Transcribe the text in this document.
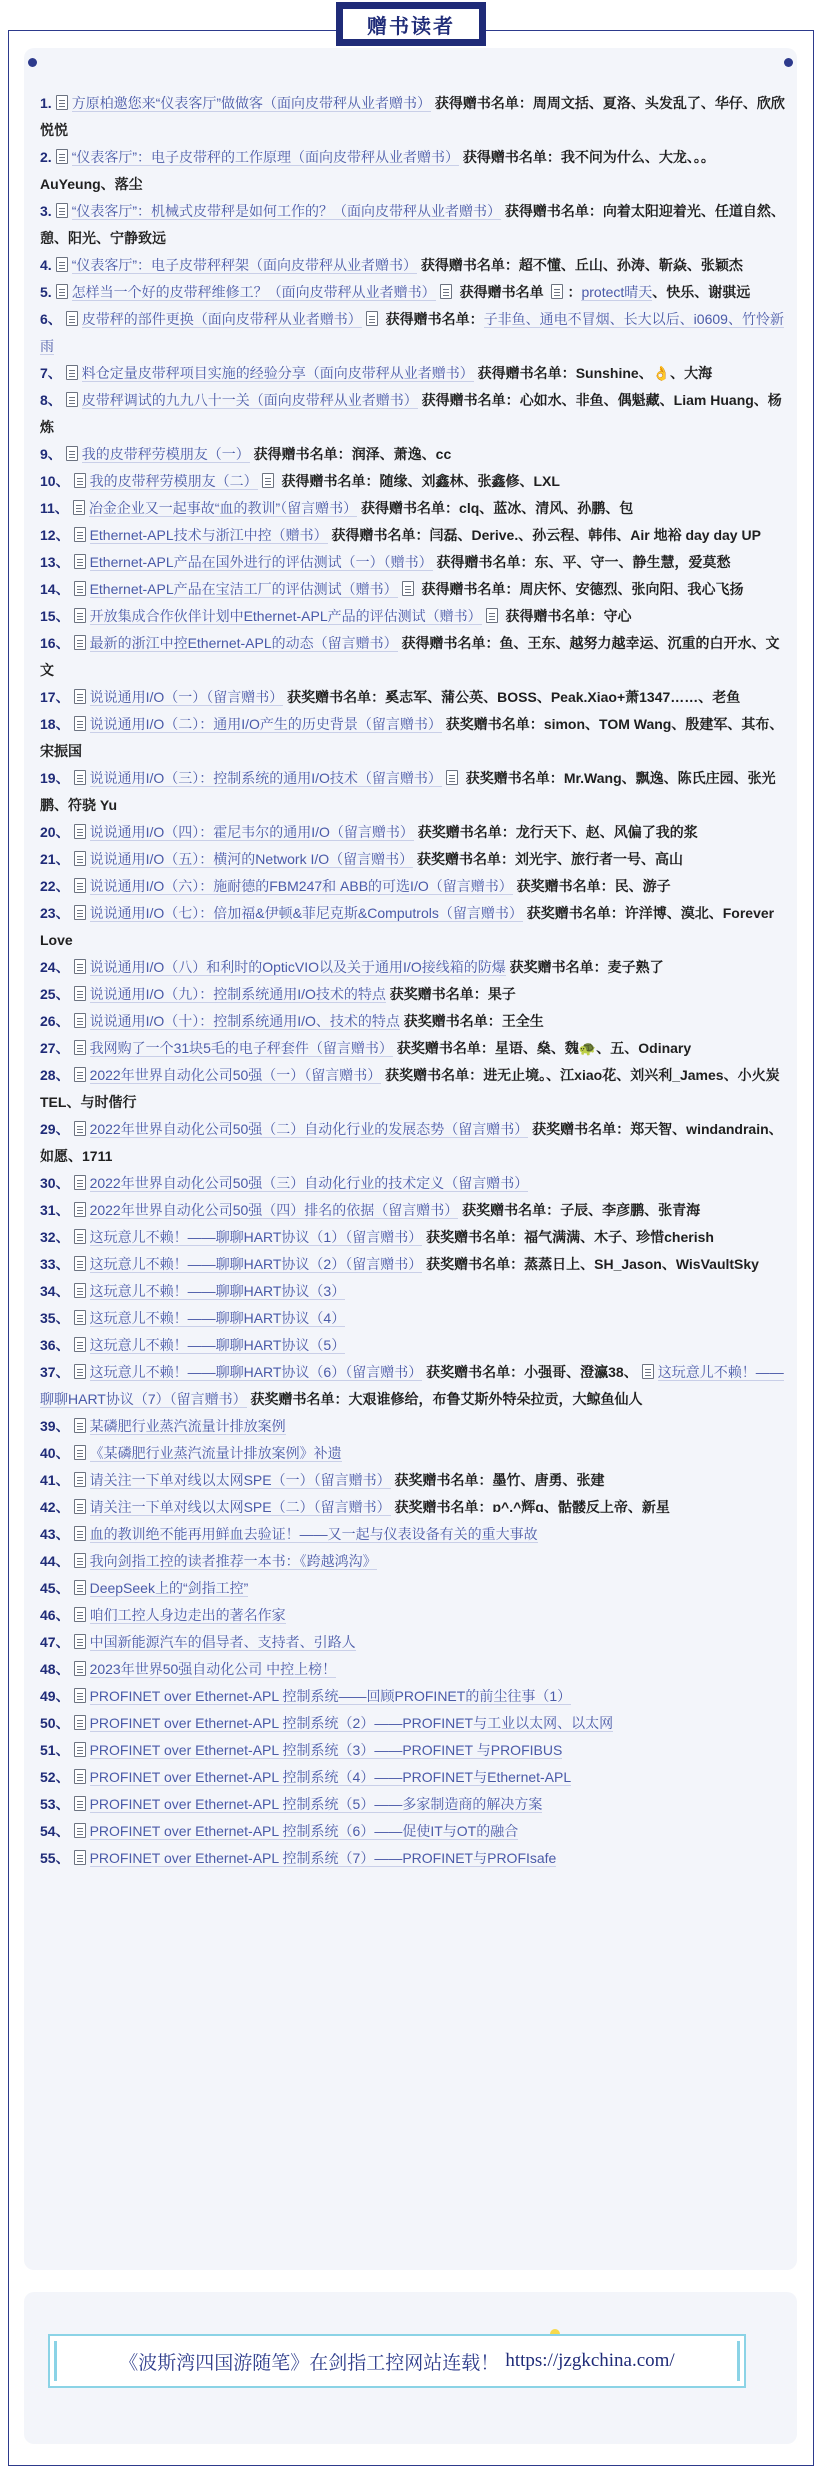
赠书读者
1. 方原柏邀您来“仪表客厅”做做客（面向皮带秤从业者赠书） 获得赠书名单：周周文括、夏洛、头发乱了、华仔、欣欣悦悦
2. “仪表客厅”：电子皮带秤的工作原理（面向皮带秤从业者赠书） 获得赠书名单：我不问为什么、大龙、。。AuYeung、落尘
3. “仪表客厅”：机械式皮带秤是如何工作的？（面向皮带秤从业者赠书） 获得赠书名单：向着太阳迎着光、任道自然、憩、阳光、宁静致远
4. “仪表客厅”：电子皮带秤秤架（面向皮带秤从业者赠书） 获得赠书名单：超不懂、丘山、孙涛、靳焱、张颖杰
5. 怎样当一个好的皮带秤维修工？（面向皮带秤从业者赠书） 获得赠书名单 ：protect晴天、快乐、谢骐远
6、 皮带秤的部件更换（面向皮带秤从业者赠书） 获得赠书名单：子非鱼、通电不冒烟、长大以后、i0609、竹怜新雨
7、 料仓定量皮带秤项目实施的经验分享（面向皮带秤从业者赠书） 获得赠书名单：Sunshine、👌、大海
8、 皮带秤调试的九九八十一关（面向皮带秤从业者赠书） 获得赠书名单：心如水、非鱼、偶魁藏、Liam Huang、杨炼
9、 我的皮带秤劳模朋友（一） 获得赠书名单：润泽、萧逸、cc
10、 我的皮带秤劳模朋友（二） 获得赠书名单：随缘、刘鑫林、张鑫修、LXL
11、 冶金企业又一起事故“血的教训”（留言赠书） 获得赠书名单：clq、蓝冰、清风、孙鹏、包
12、 Ethernet-APL技术与浙江中控（赠书） 获得赠书名单：闫磊、Derive.、孙云程、韩伟、Air 地裕 day day UP
13、 Ethernet-APL产品在国外进行的评估测试（一）（赠书） 获得赠书名单：东、平、守一、静生慧，爱莫愁
14、 Ethernet-APL产品在宝洁工厂的评估测试（赠书） 获得赠书名单：周庆怀、安德烈、张向阳、我心飞扬
15、 开放集成合作伙伴计划中Ethernet-APL产品的评估测试（赠书） 获得赠书名单：守心
16、 最新的浙江中控Ethernet-APL的动态（留言赠书） 获得赠书名单：鱼、王东、越努力越幸运、沉重的白开水、文文
17、 说说通用I/O（一）（留言赠书） 获奖赠书名单：奚志军、蒲公英、BOSS、Peak.Xiao+萧1347……、老鱼
18、 说说通用I/O（二）：通用I/O产生的历史背景（留言赠书） 获奖赠书名单：simon、TOM Wang、殷建军、其布、宋振国
19、 说说通用I/O（三）：控制系统的通用I/O技术（留言赠书） 获奖赠书名单：Mr.Wang、飘逸、陈氏庄园、张光鹏、符骁 Yu
20、 说说通用I/O（四）：霍尼韦尔的通用I/O（留言赠书） 获奖赠书名单：龙行天下、赵、风偏了我的浆
21、 说说通用I/O（五）：横河的Network I/O（留言赠书） 获奖赠书名单：刘光宇、旅行者一号、高山
22、 说说通用I/O（六）：施耐德的FBM247和 ABB的可选I/O（留言赠书） 获奖赠书名单：民、游子
23、 说说通用I/O（七）：倍加福&伊顿&菲尼克斯&Computrols（留言赠书） 获奖赠书名单：许洋博、漠北、Forever Love
24、 说说通用I/O（八）和利时的OpticVIO以及关于通用I/O接线箱的防爆 获奖赠书名单：麦子熟了
25、 说说通用I/O（九）：控制系统通用I/O技术的特点 获奖赠书名单：果子
26、 说说通用I/O（十）：控制系统通用I/O、技术的特点 获奖赠书名单：王全生
27、 我网购了一个31块5毛的电子秤套件（留言赠书） 获奖赠书名单：星语、燊、魏🐢、五、Odinary
28、 2022年世界自动化公司50强（一）（留言赠书） 获奖赠书名单：进无止境。、江xiao花、刘兴利_James、小火炭TEL、与时偕行
29、 2022年世界自动化公司50强（二）自动化行业的发展态势（留言赠书） 获奖赠书名单：郑天智、windandrain、如愿、1711
30、 2022年世界自动化公司50强（三）自动化行业的技术定义（留言赠书）
31、 2022年世界自动化公司50强（四）排名的依据（留言赠书） 获奖赠书名单：子辰、李彦鹏、张青海
32、 这玩意儿不赖！——聊聊HART协议（1）（留言赠书） 获奖赠书名单：福气满满、木子、珍惜cherish
33、 这玩意儿不赖！——聊聊HART协议（2）（留言赠书） 获奖赠书名单：蒸蒸日上、SH_Jason、WisVaultSky
34、 这玩意儿不赖！——聊聊HART协议（3）
35、 这玩意儿不赖！——聊聊HART协议（4）
36、 这玩意儿不赖！——聊聊HART协议（5）
37、 这玩意儿不赖！——聊聊HART协议（6）（留言赠书） 获奖赠书名单：小强哥、澄瀛38、 这玩意儿不赖！——聊聊HART协议（7）（留言赠书） 获奖赠书名单：大艰谁修给，布鲁艾斯外特朵拉贡，大鲸鱼仙人
39、 某磷肥行业蒸汽流量计排放案例
40、 《某磷肥行业蒸汽流量计排放案例》补遗
41、 请关注一下单对线以太网SPE（一）（留言赠书） 获奖赠书名单：墨竹、唐勇、张建
42、 请关注一下单对线以太网SPE（二）（留言赠书） 获奖赠书名单：ɒ^.^辉ɑ、骷髅反上帝、新星
43、 血的教训绝不能再用鲜血去验证！——又一起与仪表设备有关的重大事故
44、 我向剑指工控的读者推荐一本书：《跨越鸿沟》
45、 DeepSeek上的“剑指工控”
46、 咱们工控人身边走出的著名作家
47、 中国新能源汽车的倡导者、支持者、引路人
48、 2023年世界50强自动化公司 中控上榜！
49、 PROFINET over Ethernet-APL 控制系统——回顾PROFINET的前尘往事（1）
50、 PROFINET over Ethernet-APL 控制系统（2）——PROFINET与工业以太网、以太网
51、 PROFINET over Ethernet-APL 控制系统（3）——PROFINET 与PROFIBUS
52、 PROFINET over Ethernet-APL 控制系统（4）——PROFINET与Ethernet-APL
53、 PROFINET over Ethernet-APL 控制系统（5）——多家制造商的解决方案
54、 PROFINET over Ethernet-APL 控制系统（6）——促使IT与OT的融合
55、 PROFINET over Ethernet-APL 控制系统（7）——PROFINET与PROFIsafe
《波斯湾四国游随笔》在剑指工控网站连载！ https://jzgkchina.com/
